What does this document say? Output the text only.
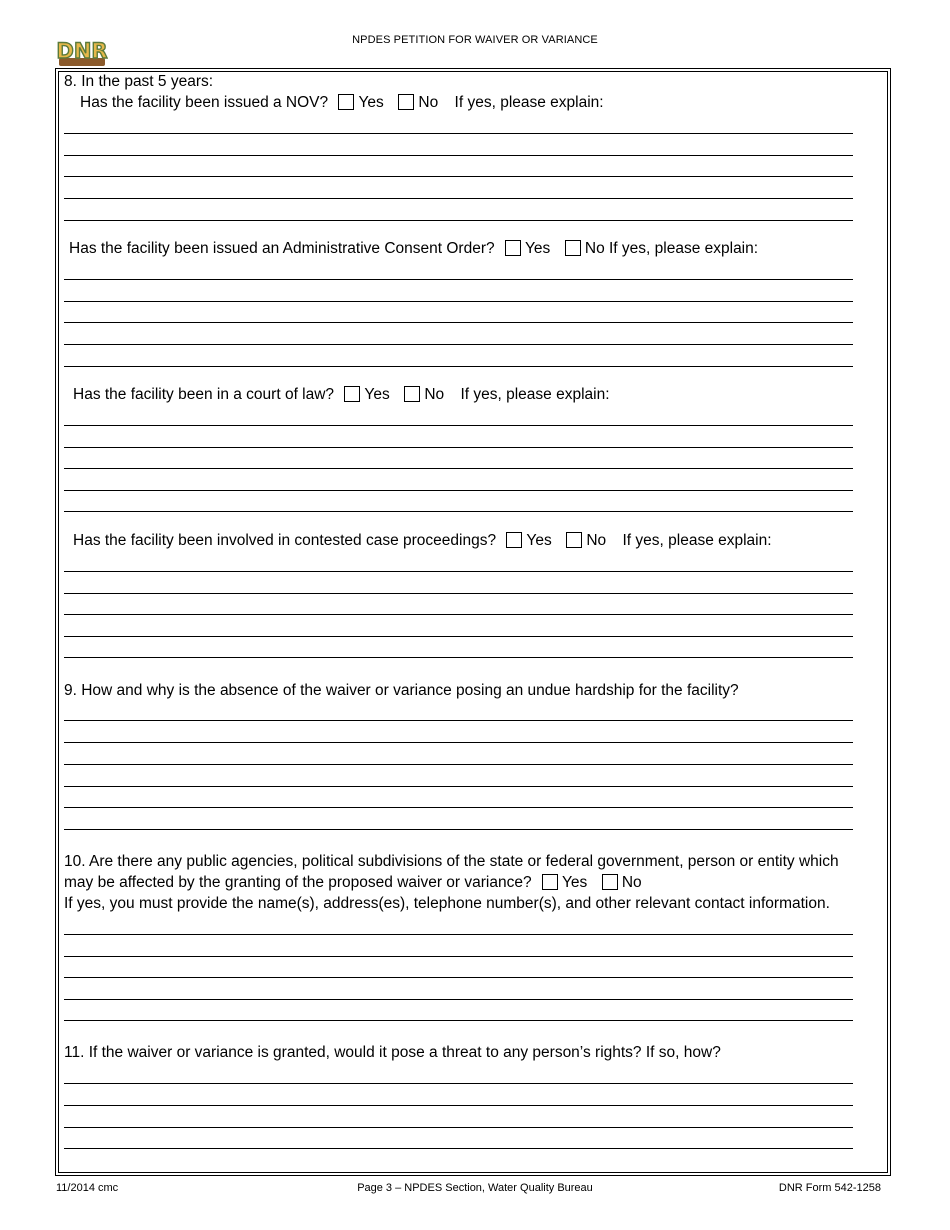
DNR	NPDES PETITION FOR WAIVER OR VARIANCE
8. In the past 5 years:
Has the facility been issued a NOV? Yes No If yes, please explain:
Has the facility been issued an Administrative Consent Order? Yes No If yes, please explain:
Has the facility been in a court of law? Yes No If yes, please explain:
Has the facility been involved in contested case proceedings? Yes No If yes, please explain:
9. How and why is the absence of the waiver or variance posing an undue hardship for the facility?
10. Are there any public agencies, political subdivisions of the state or federal government, person or entity which
may be affected by the granting of the proposed waiver or variance? Yes No
If yes, you must provide the name(s), address(es), telephone number(s), and other relevant contact information.
11. If the waiver or variance is granted, would it pose a threat to any person’s rights? If so, how?
11/2014 cmc	Page 3 – NPDES Section, Water Quality Bureau	DNR Form 542-1258
